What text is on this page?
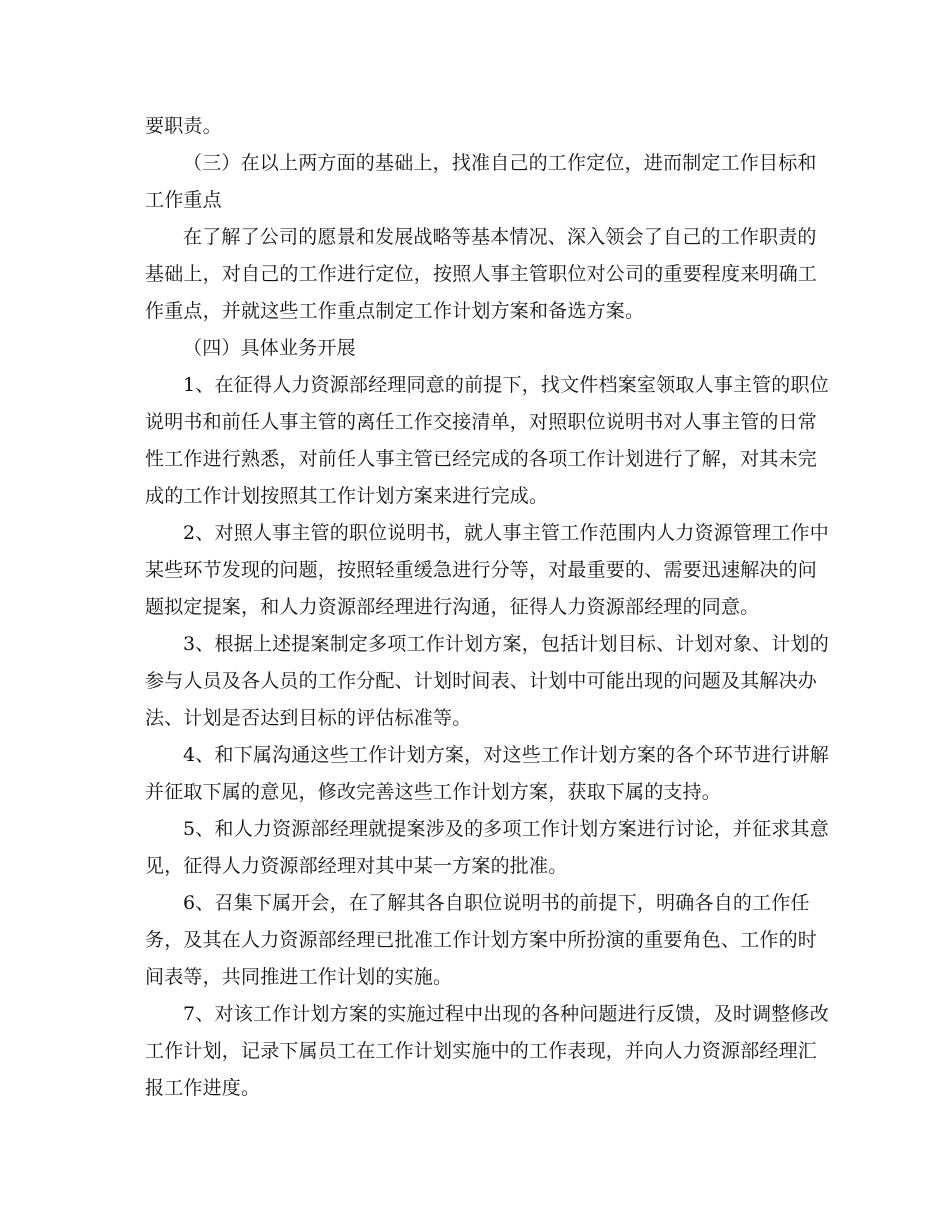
要职责。
（三）在以上两方面的基础上，找准自己的工作定位，进而制定工作目标和
工作重点
在了解了公司的愿景和发展战略等基本情况、深入领会了自己的工作职责的
基础上，对自己的工作进行定位，按照人事主管职位对公司的重要程度来明确工
作重点，并就这些工作重点制定工作计划方案和备选方案。
（四）具体业务开展
1、在征得人力资源部经理同意的前提下，找文件档案室领取人事主管的职位
说明书和前任人事主管的离任工作交接清单，对照职位说明书对人事主管的日常
性工作进行熟悉，对前任人事主管已经完成的各项工作计划进行了解，对其未完
成的工作计划按照其工作计划方案来进行完成。
2、对照人事主管的职位说明书，就人事主管工作范围内人力资源管理工作中
某些环节发现的问题，按照轻重缓急进行分等，对最重要的、需要迅速解决的问
题拟定提案，和人力资源部经理进行沟通，征得人力资源部经理的同意。
3、根据上述提案制定多项工作计划方案，包括计划目标、计划对象、计划的
参与人员及各人员的工作分配、计划时间表、计划中可能出现的问题及其解决办
法、计划是否达到目标的评估标准等。
4、和下属沟通这些工作计划方案，对这些工作计划方案的各个环节进行讲解
并征取下属的意见，修改完善这些工作计划方案，获取下属的支持。
5、和人力资源部经理就提案涉及的多项工作计划方案进行讨论，并征求其意
见，征得人力资源部经理对其中某一方案的批准。
6、召集下属开会，在了解其各自职位说明书的前提下，明确各自的工作任
务，及其在人力资源部经理已批准工作计划方案中所扮演的重要角色、工作的时
间表等，共同推进工作计划的实施。
7、对该工作计划方案的实施过程中出现的各种问题进行反馈，及时调整修改
工作计划，记录下属员工在工作计划实施中的工作表现，并向人力资源部经理汇
报工作进度。
